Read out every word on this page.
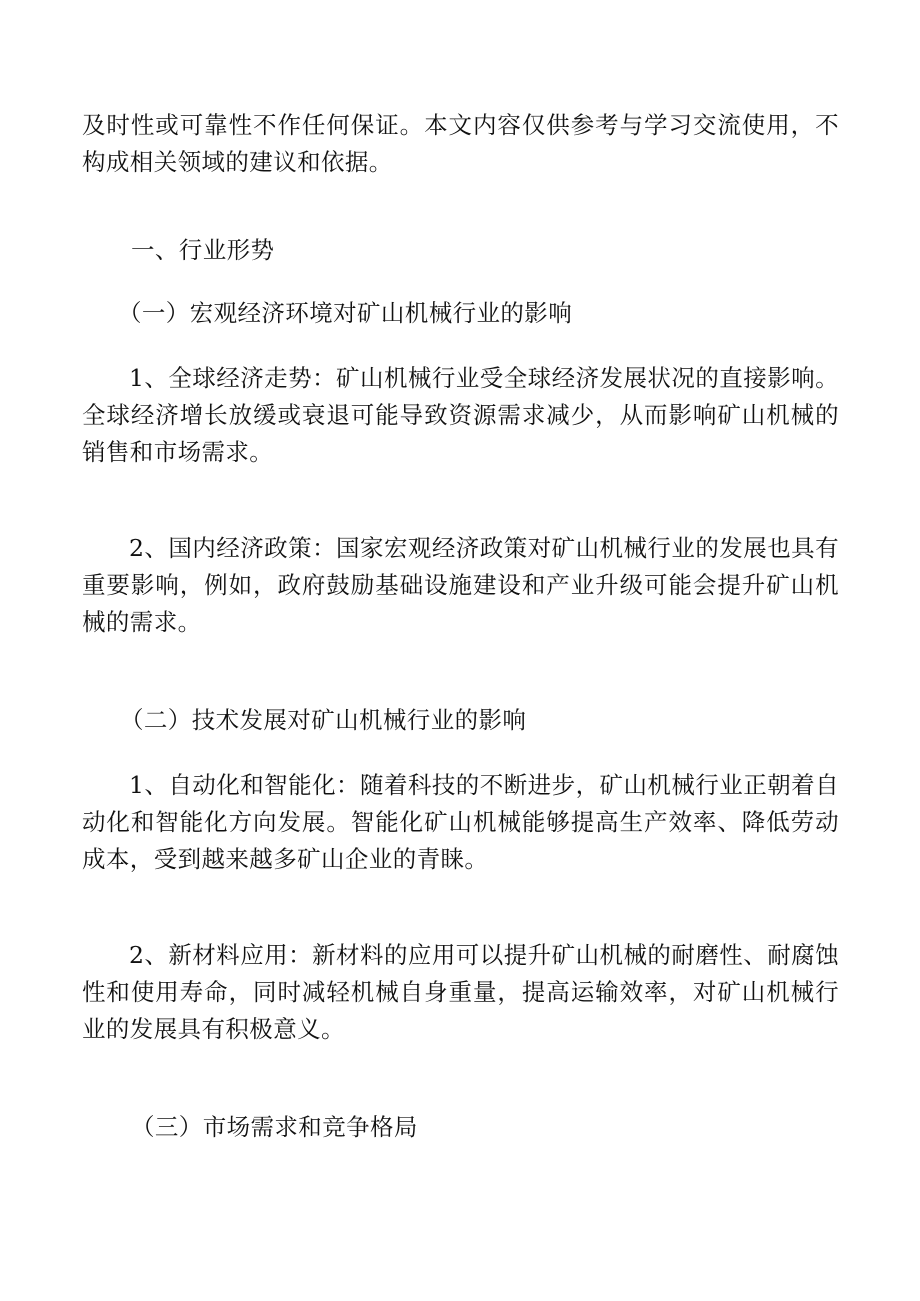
及时性或可靠性不作任何保证。本文内容仅供参考与学习交流使用，不构成相关领域的建议和依据。

一、行业形势

（一）宏观经济环境对矿山机械行业的影响

1、全球经济走势：矿山机械行业受全球经济发展状况的直接影响。全球经济增长放缓或衰退可能导致资源需求减少，从而影响矿山机械的销售和市场需求。

2、国内经济政策：国家宏观经济政策对矿山机械行业的发展也具有重要影响，例如，政府鼓励基础设施建设和产业升级可能会提升矿山机械的需求。

（二）技术发展对矿山机械行业的影响

1、自动化和智能化：随着科技的不断进步，矿山机械行业正朝着自动化和智能化方向发展。智能化矿山机械能够提高生产效率、降低劳动成本，受到越来越多矿山企业的青睐。

2、新材料应用：新材料的应用可以提升矿山机械的耐磨性、耐腐蚀性和使用寿命，同时减轻机械自身重量，提高运输效率，对矿山机械行业的发展具有积极意义。

（三）市场需求和竞争格局
